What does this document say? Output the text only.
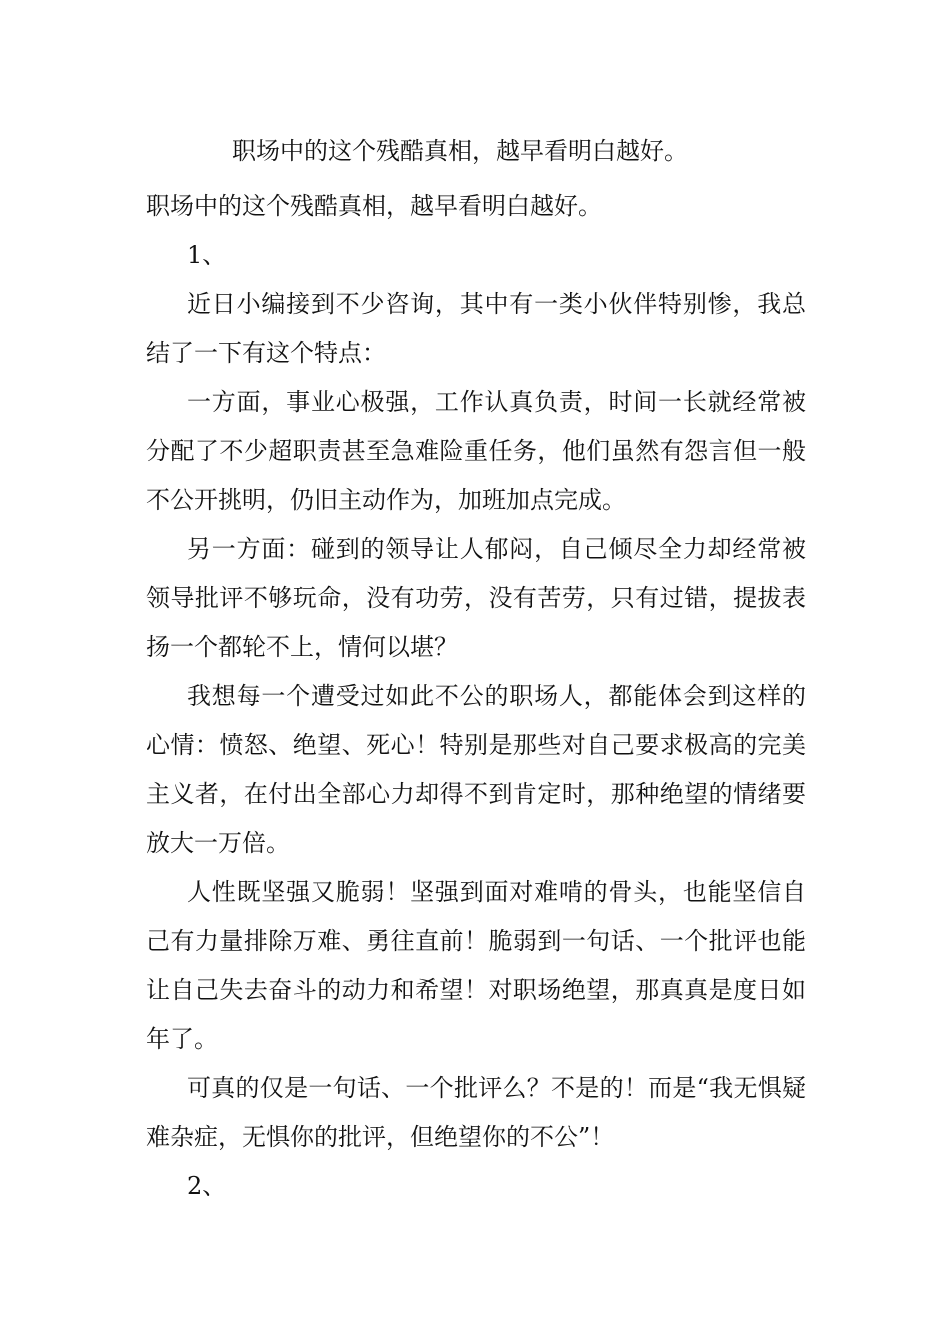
职场中的这个残酷真相，越早看明白越好。

职场中的这个残酷真相，越早看明白越好。

1、

近日小编接到不少咨询，其中有一类小伙伴特别惨，我总结了一下有这个特点：

一方面，事业心极强，工作认真负责，时间一长就经常被分配了不少超职责甚至急难险重任务，他们虽然有怨言但一般不公开挑明，仍旧主动作为，加班加点完成。

另一方面：碰到的领导让人郁闷，自己倾尽全力却经常被领导批评不够玩命，没有功劳，没有苦劳，只有过错，提拔表扬一个都轮不上，情何以堪？

我想每一个遭受过如此不公的职场人，都能体会到这样的心情：愤怒、绝望、死心！特别是那些对自己要求极高的完美主义者，在付出全部心力却得不到肯定时，那种绝望的情绪要放大一万倍。

人性既坚强又脆弱！坚强到面对难啃的骨头，也能坚信自己有力量排除万难、勇往直前！脆弱到一句话、一个批评也能让自己失去奋斗的动力和希望！对职场绝望，那真真是度日如年了。

可真的仅是一句话、一个批评么？不是的！而是“我无惧疑难杂症，无惧你的批评，但绝望你的不公”！

2、
